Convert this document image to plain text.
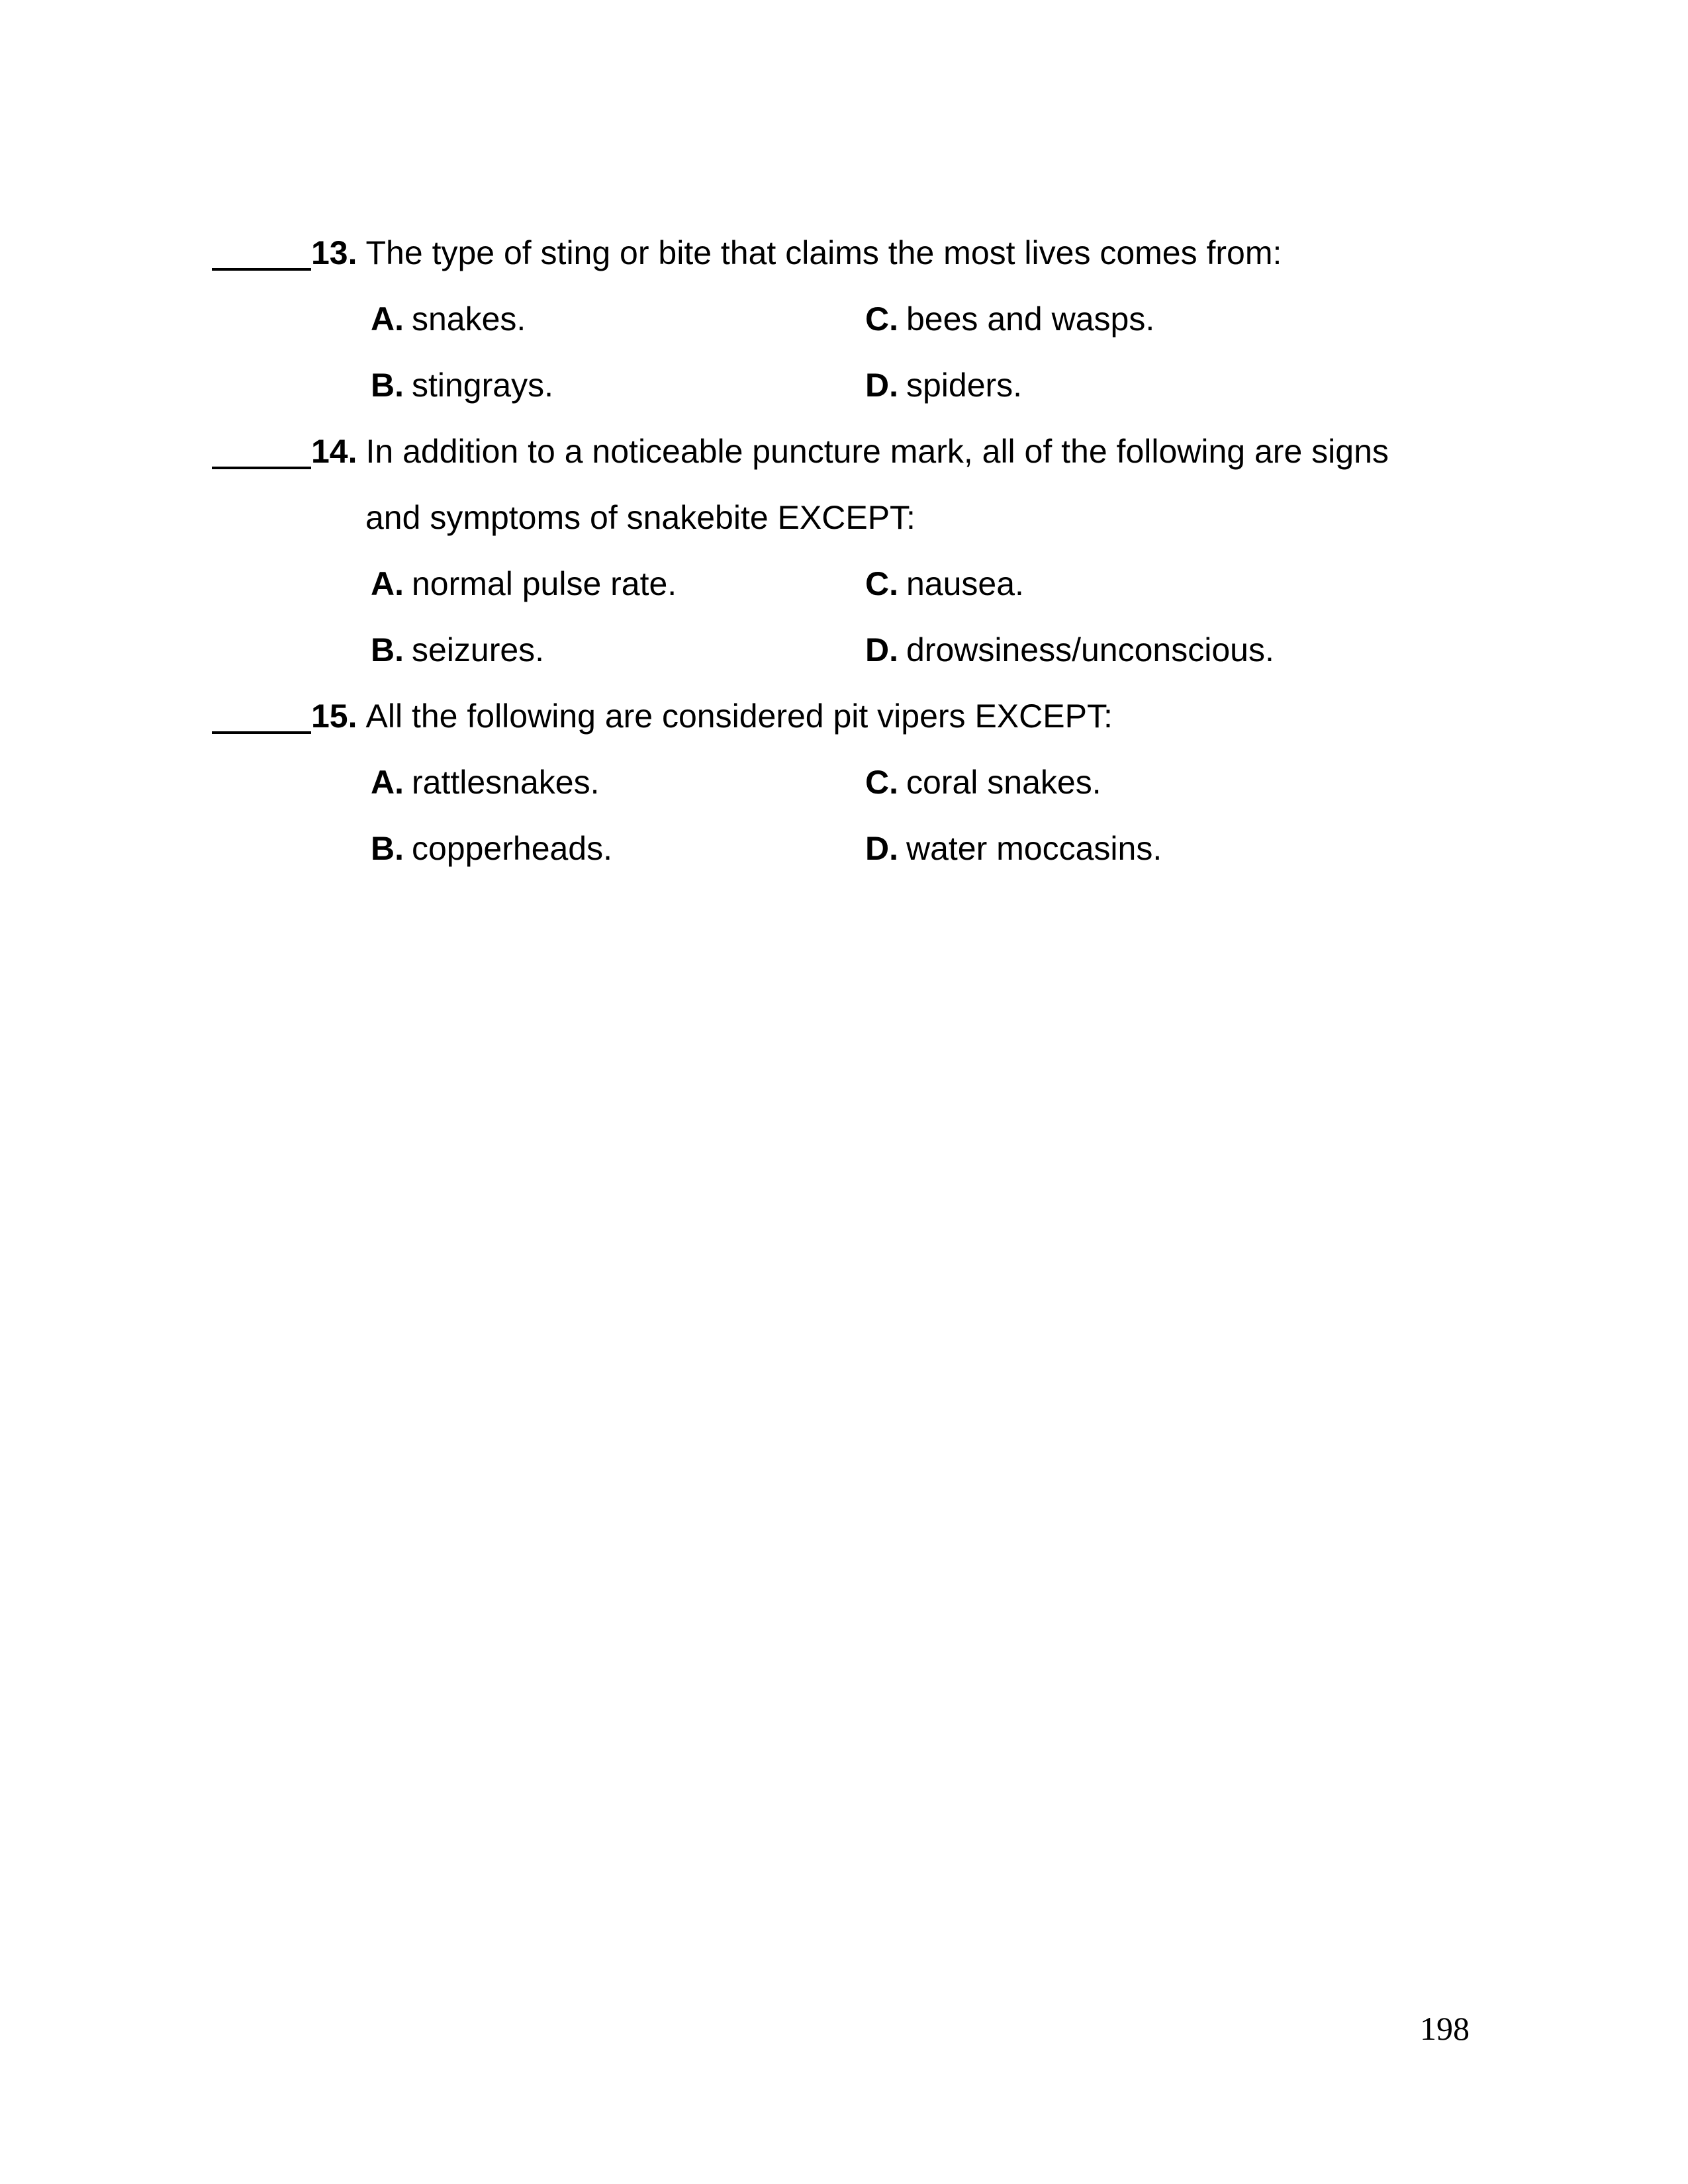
13. The type of sting or bite that claims the most lives comes from:
A. snakes.	C. bees and wasps.
B. stingrays.	D. spiders.
14. In addition to a noticeable puncture mark, all of the following are signs
and symptoms of snakebite EXCEPT:
A. normal pulse rate.	C. nausea.
B. seizures.	D. drowsiness/unconscious.
15. All the following are considered pit vipers EXCEPT:
A. rattlesnakes.	C. coral snakes.
B. copperheads.	D. water moccasins.
198
